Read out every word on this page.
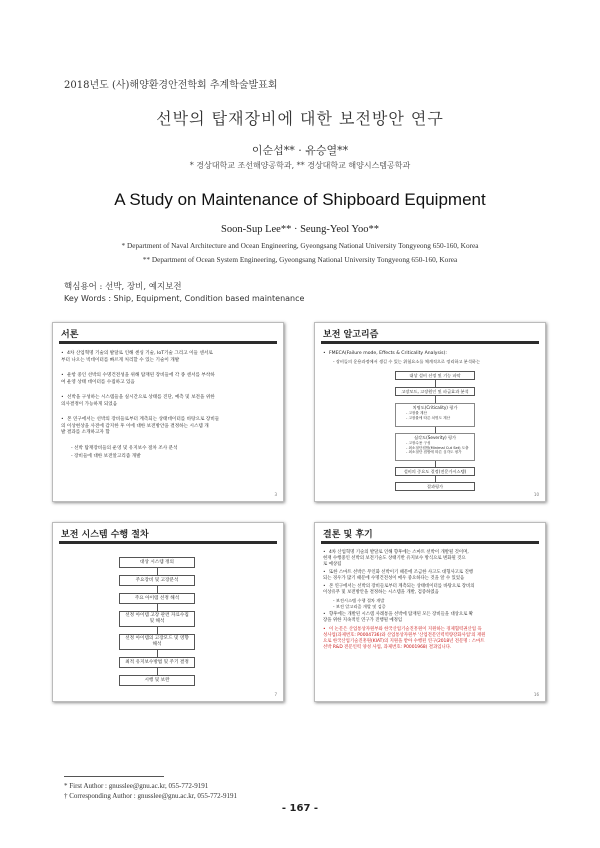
2018년도 (사)해양환경안전학회 추계학술발표회
선박의 탑재장비에 대한 보전방안 연구
이순섭** · 유승열**
* 경상대학교 조선해양공학과, ** 경상대학교 해양시스템공학과
A Study on Maintenance of Shipboard Equipment
Soon-Sup Lee** · Seung-Yeol Yoo**
* Department of Naval Architecture and Ocean Engineering, Gyeongsang National University Tongyeong 650-160, Korea
** Department of Ocean System Engineering, Gyeongsang National University Tongyeong 650-160, Korea
핵심용어 : 선박, 장비, 예지보전
Key Words : Ship, Equipment, Condition based maintenance
서론
• 4차 산업혁명 기술의 발달로 인해 센싱 기술, IoT기술 그리고 이들 센서로
부터 나오는 빅데이터를 빠르게 처리할 수 있는 기술이 개발
• 운항 중인 선박의 수명건전성을 위해 탑재된 장비들에 각 종 센서를 부착하
여 운영 상태 데이터를 수집하고 있음
• 선박을 구성하는 시스템들을 실시간으로 상태를 진단, 예측 및 보전을 위한
의사결정이 가능하게 되었음
• 본 연구에서는 선박의 장비들로부터 계측되는 상태데이터를 바탕으로 장비들
의 이상현상을 사전에 감지한 후 이에 대한 보전방안을 결정하는 시스템 개
발 결과를 소개하고자 함
- 선박 탑재장비들의 운영 및 유지보수 절차 조사 분석
- 장비들에 대한 보전알고리즘 개발
3
보전 알고리즘
• FMECA(Failure mode, Effects & Criticality Analysis):
- 장비들의 운용과정에서 생길 수 있는 위험요소를 체계적으로 정리하고 분석하는
대상 설비 선정 및 기능 파악
고장모드, 고장원인 및 파급효과 분석
치명도(Criticality) 평가
- 고장률 계산
- 고장률에 따른 치명도 계산
심각도(Severity) 평가
- 고장수용 구성
- 최소절단집합(Minimal Cut Set) 도출
- 최소절단 집합에 따른 심각도 평가
설비의 중요도 결정(전문가시스템)
결과평가
10
보전 시스템 수행 절차
대상 시스템 정의
주요장비 및 고장분석
주요 아이템 선정 해석
선정 아이템 고장 관련 자료수집
및 해석
선정 아이템의 고장모드 및 영향
해석
최적 유지보수방법 및 주기 결정
시행 및 보완
7
결론 및 후기
• 4차 산업혁명 기술의 발달로 인해 향후에는 스마트 선박이 개발될 것이며,
현재 수행중인 선박의 보전기술도 상태기반 유지보수 방식으로 변화될 것으
로 예상됨
• 또한 스마트 선박은 무인화 선박이기 때문에 조금한 사고도 대형사고로 진행
되는 경우가 많기 때문에 수명건전성이 매우 중요하다는 것을 알 수 있었음
• 본 연구에서는 선박의 장비들로부터 계측되는 상태데이터를 바탕으로 장비의
이상유무 및 보전방안을 결정하는 시스템을 개발, 검증하였음
- 보전시스템 수행 절차 개발
- 보전 알고리즘 개발 및 검증
• 향후에는 개발된 시스템 사례통을 선박에 탑재된 모든 장비들을 대상으로 확
장을 위한 지속적인 연구가 진행될 예정임
• 이 논문은 산업통상자원부와 한국산업기술진흥원이 지원하는 경제협력권산업 육
성사업(과제번호: P0004736)와 산업통상자원부 '산업전문인력역량강화사업'의 재원
으로 한국산업기술진흥원(KIAT)의 지원을 받아 수행된 연구(2018년 전문명 : 스마트
선박 R&D 전문인력 양성 사업, 과제번호: P0001968) 결과입니다.
16
* First Author : gnusslee@gnu.ac.kr, 055-772-9191
† Corresponding Author : gnusslee@gnu.ac.kr, 055-772-9191
- 167 -
